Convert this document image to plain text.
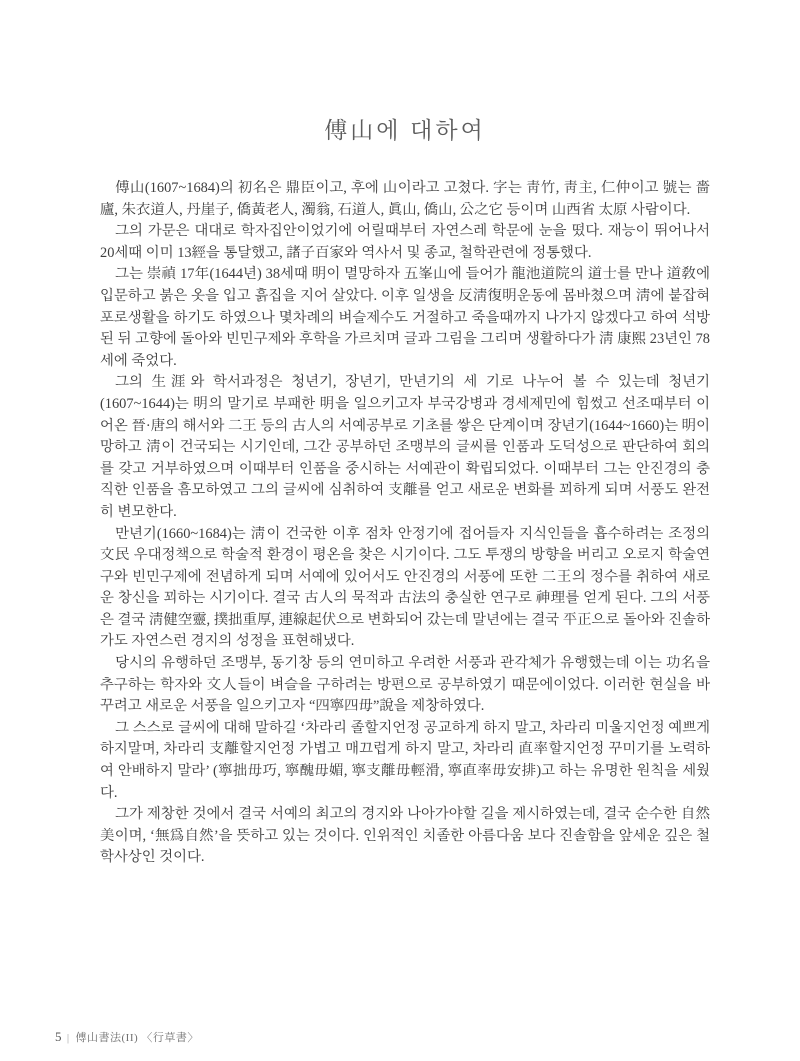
傅山에 대하여

傅山(1607~1684)의 初名은 鼎臣이고, 후에 山이라고 고쳤다. 字는 靑竹, 靑主, 仁仲이고 號는 嗇廬, 朱衣道人, 丹崖子, 僑黃老人, 濁翁, 石道人, 眞山, 僑山, 公之它 등이며 山西省 太原 사람이다.

그의 가문은 대대로 학자집안이었기에 어릴때부터 자연스레 학문에 눈을 떴다. 재능이 뛰어나서 20세때 이미 13經을 통달했고, 諸子百家와 역사서 및 종교, 철학관련에 정통했다.

그는 崇禎 17年(1644년) 38세때 明이 멸망하자 五峯山에 들어가 龍池道院의 道士를 만나 道敎에 입문하고 붉은 옷을 입고 흙집을 지어 살았다. 이후 일생을 反淸復明운동에 몸바쳤으며 淸에 붙잡혀 포로생활을 하기도 하였으나 몇차례의 벼슬제수도 거절하고 죽을때까지 나가지 않겠다고 하여 석방된 뒤 고향에 돌아와 빈민구제와 후학을 가르치며 글과 그림을 그리며 생활하다가 淸 康熙 23년인 78세에 죽었다.

그의 生涯와 학서과정은 청년기, 장년기, 만년기의 세 기로 나누어 볼 수 있는데 청년기(1607~1644)는 明의 말기로 부패한 明을 일으키고자 부국강병과 경세제민에 힘썼고 선조때부터 이어온 晉·唐의 해서와 二王 등의 古人의 서예공부로 기초를 쌓은 단계이며 장년기(1644~1660)는 明이 망하고 淸이 건국되는 시기인데, 그간 공부하던 조맹부의 글씨를 인품과 도덕성으로 판단하여 회의를 갖고 거부하였으며 이때부터 인품을 중시하는 서예관이 확립되었다. 이때부터 그는 안진경의 충직한 인품을 흠모하였고 그의 글씨에 심취하여 支離를 얻고 새로운 변화를 꾀하게 되며 서풍도 완전히 변모한다.

만년기(1660~1684)는 淸이 건국한 이후 점차 안정기에 접어들자 지식인들을 흡수하려는 조정의 文民 우대정책으로 학술적 환경이 평온을 찾은 시기이다. 그도 투쟁의 방향을 버리고 오로지 학술연구와 빈민구제에 전념하게 되며 서예에 있어서도 안진경의 서풍에 또한 二王의 정수를 취하여 새로운 창신을 꾀하는 시기이다. 결국 古人의 묵적과 古法의 충실한 연구로 神理를 얻게 된다. 그의 서풍은 결국 淸健空靈, 撲拙重厚, 連線起伏으로 변화되어 갔는데 말년에는 결국 平正으로 돌아와 진솔하가도 자연스런 경지의 성정을 표현해냈다.

당시의 유행하던 조맹부, 동기창 등의 연미하고 우려한 서풍과 관각체가 유행했는데 이는 功名을 추구하는 학자와 文人들이 벼슬을 구하려는 방편으로 공부하였기 때문에이었다. 이러한 현실을 바꾸려고 새로운 서풍을 일으키고자 “四寧四毋”說을 제창하였다.

그 스스로 글씨에 대해 말하길 ‘차라리 졸할지언정 공교하게 하지 말고, 차라리 미울지언정 예쁘게 하지말며, 차라리 支離할지언정 가볍고 매끄럽게 하지 말고, 차라리 直率할지언정 꾸미기를 노력하여 안배하지 말라’ (寧拙毋巧, 寧醜毋媚, 寧支離毋輕滑, 寧直率毋安排)고 하는 유명한 원칙을 세웠다.

그가 제창한 것에서 결국 서예의 최고의 경지와 나아가야할 길을 제시하였는데, 결국 순수한 自然美이며, ‘無爲自然’을 뜻하고 있는 것이다. 인위적인 치졸한 아름다움 보다 진솔함을 앞세운 깊은 철학사상인 것이다.

5 | 傅山書法(II) 〈行草書〉
